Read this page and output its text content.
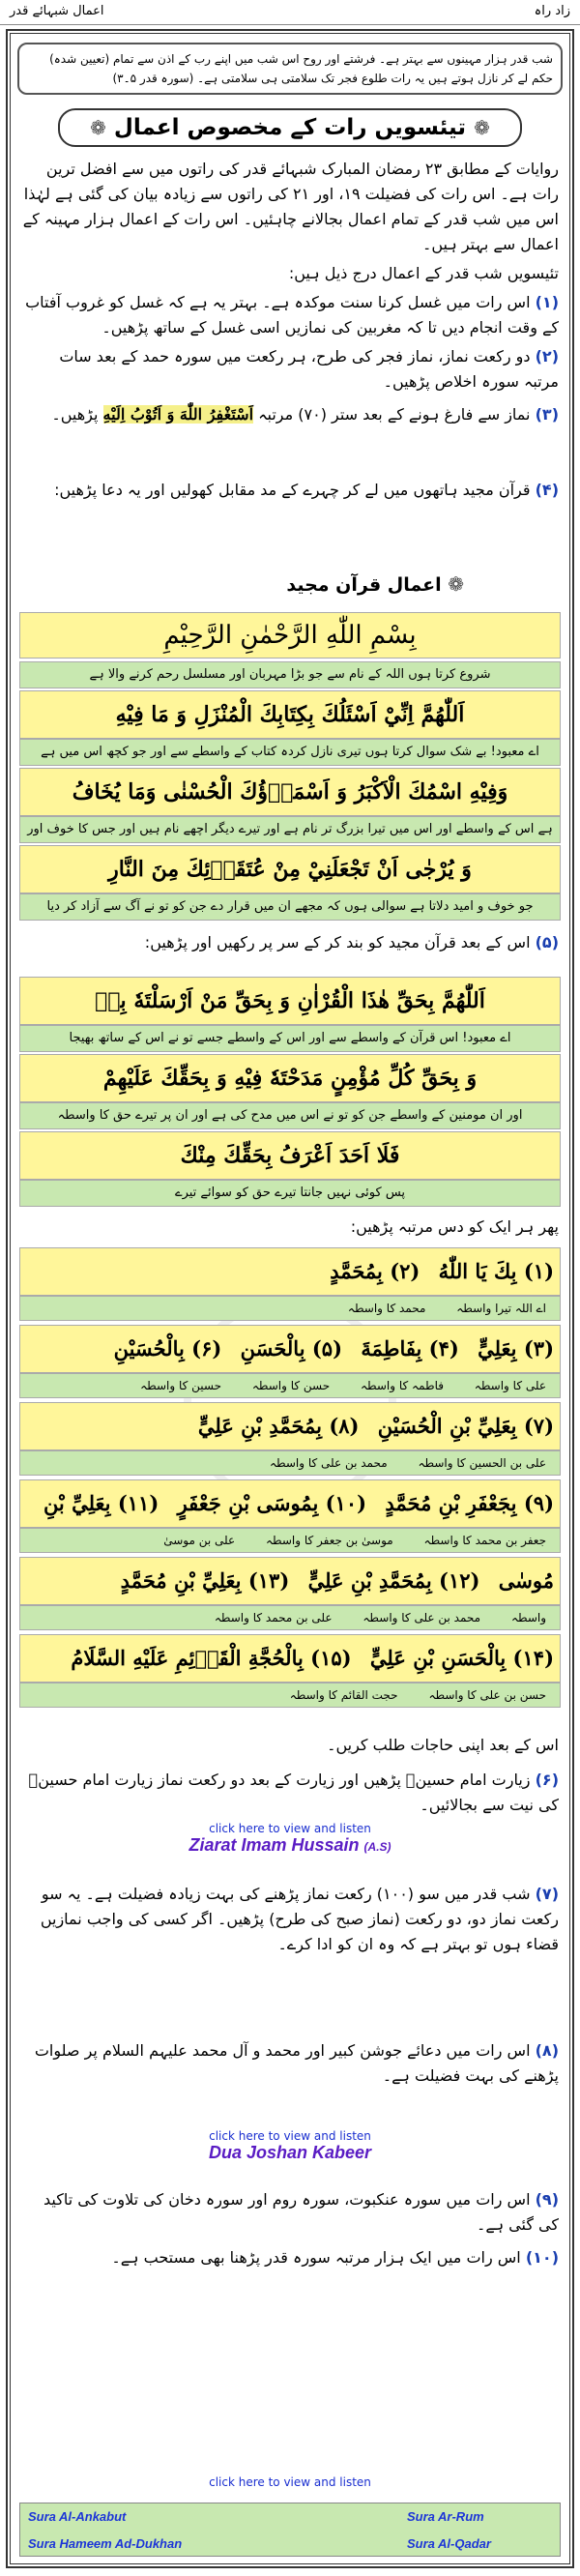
زاد راہ
اعمال شبہائے قدر
شب قدر ہزار مہینوں سے بہتر ہے۔ فرشتے اور روح اس شب میں اپنے رب کے اذن سے تمام (تعیین شدہ) حکم لے کر نازل ہوتے ہیں یہ رات طلوع فجر تک سلامتی ہی سلامتی ہے۔ (سورہ قدر ۵۔۳)
❁ تیئسویں رات کے مخصوص اعمال ❁
روایات کے مطابق ۲۳ رمضان المبارک شبہائے قدر کی راتوں میں سے افضل ترین رات ہے۔ اس رات کی فضیلت ۱۹، اور ۲۱ کی راتوں سے زیادہ بیان کی گئی ہے لہٰذا اس میں شب قدر کے تمام اعمال بجالانے چاہئیں۔ اس رات کے اعمال ہزار مہینہ کے اعمال سے بہتر ہیں۔
تئیسویں شب قدر کے اعمال درج ذیل ہیں:
(۱) اس رات میں غسل کرنا سنت موکدہ ہے۔ بہتر یہ ہے کہ غسل کو غروب آفتاب کے وقت انجام دیں تا کہ مغربین کی نمازیں اسی غسل کے ساتھ پڑھیں۔
(۲) دو رکعت نماز، نماز فجر کی طرح، ہر رکعت میں سورہ حمد کے بعد سات مرتبہ سورہ اخلاص پڑھیں۔
(۳) نماز سے فارغ ہونے کے بعد ستر (۷۰) مرتبہ اَسْتَغْفِرُ اللّٰهَ وَ اَتُوْبُ اِلَيْهِ پڑھیں۔
(۴) قرآن مجید ہاتھوں میں لے کر چہرے کے مد مقابل کھولیں اور یہ دعا پڑھیں:
❁ اعمال قرآن مجید
بِسْمِ اللّٰهِ الرَّحْمٰنِ الرَّحِيْمِ
شروع کرتا ہوں اللہ کے نام سے جو بڑا مہربان اور مسلسل رحم کرنے والا ہے
اَللّٰهُمَّ اِنِّيْ اَسْئَلُكَ بِكِتَابِكَ الْمُنْزَلِ وَ مَا فِيْهِ
اے معبود! بے شک سوال کرتا ہوں تیری نازل کردہ کتاب کے واسطے سے اور جو کچھ اس میں ہے
وَفِيْهِ اسْمُكَ الْاَكْبَرُ وَ اَسْمَاۗؤُكَ الْحُسْنٰى وَمَا يُخَافُ
ہے اس کے واسطے اور اس میں تیرا بزرگ تر نام ہے اور تیرے دیگر اچھے نام ہیں اور جس کا خوف اور
وَ يُرْجٰى اَنْ تَجْعَلَنِيْ مِنْ عُتَقَاۗئِكَ مِنَ النَّارِ
جو خوف و امید دلاتا ہے سوالی ہوں کہ مجھے ان میں قرار دے جن کو تو نے آگ سے آزاد کر دیا
(۵) اس کے بعد قرآن مجید کو بند کر کے سر پر رکھیں اور پڑھیں:
اَللّٰهُمَّ بِحَقِّ هٰذَا الْقُرْاٰنِ وَ بِحَقِّ مَنْ اَرْسَلْتَهٗ بِهٖ
اے معبود! اس قرآن کے واسطے سے اور اس کے واسطے جسے تو نے اس کے ساتھ بھیجا
وَ بِحَقِّ كُلِّ مُؤْمِنٍ مَدَحْتَهٗ فِيْهِ وَ بِحَقِّكَ عَلَيْهِمْ
اور ان مومنین کے واسطے جن کو تو نے اس میں مدح کی ہے اور ان پر تیرے حق کا واسطہ
فَلَا اَحَدَ اَعْرَفُ بِحَقِّكَ مِنْكَ
پس کوئی نہیں جانتا تیرے حق کو سوائے تیرے
پھر ہر ایک کو دس مرتبہ پڑھیں:
(۱) بِكَ يَا اللّٰهُ (۲) بِمُحَمَّدٍ
اے اللہ تیرا واسطہ محمد کا واسطہ
(۳) بِعَلِيٍّ (۴) بِفَاطِمَةَ (۵) بِالْحَسَنِ (۶) بِالْحُسَيْنِ
علی کا واسطہ فاطمہ کا واسطہ حسن کا واسطہ حسین کا واسطہ
(۷) بِعَلِيِّ بْنِ الْحُسَيْنِ (۸) بِمُحَمَّدِ بْنِ عَلِيٍّ
علی بن الحسین کا واسطہ محمد بن علی کا واسطہ
(۹) بِجَعْفَرِ بْنِ مُحَمَّدٍ (۱۰) بِمُوسَى بْنِ جَعْفَرٍ (۱۱) بِعَلِيِّ بْنِ
جعفر بن محمد کا واسطہ موسیٰ بن جعفر کا واسطہ علی بن موسیٰ
مُوسٰى (۱۲) بِمُحَمَّدِ بْنِ عَلِيٍّ (۱۳) بِعَلِيِّ بْنِ مُحَمَّدٍ
واسطہ محمد بن علی کا واسطہ علی بن محمد کا واسطہ
(۱۴) بِالْحَسَنِ بْنِ عَلِيٍّ (۱۵) بِالْحُجَّةِ الْقَاۗئِمِ عَلَيْهِ السَّلَامُ
حسن بن علی کا واسطہ حجت القائم کا واسطہ
اس کے بعد اپنی حاجات طلب کریں۔
(۶) زیارت امام حسینؑ پڑھیں اور زیارت کے بعد دو رکعت نماز زیارت امام حسینؑ کی نیت سے بجالائیں۔
click here to view and listen
Ziarat Imam Hussain (A.S)
(۷) شب قدر میں سو (۱۰۰) رکعت نماز پڑھنے کی بہت زیادہ فضیلت ہے۔ یہ سو رکعت نماز دو، دو رکعت (نماز صبح کی طرح) پڑھیں۔ اگر کسی کی واجب نمازیں قضاء ہوں تو بہتر ہے کہ وہ ان کو ادا کرے۔
(۸) اس رات میں دعائے جوشن کبیر اور محمد و آل محمد علیہم السلام پر صلوات پڑھنے کی بہت فضیلت ہے۔
click here to view and listen
Dua Joshan Kabeer
(۹) اس رات میں سورہ عنکبوت، سورہ روم اور سورہ دخان کی تلاوت کی تاکید کی گئی ہے۔
(۱۰) اس رات میں ایک ہزار مرتبہ سورہ قدر پڑھنا بھی مستحب ہے۔
click here to view and listen
Sura Al-Ankabut	Sura Ar-Rum
Sura Hameem Ad-Dukhan	Sura Al-Qadar
